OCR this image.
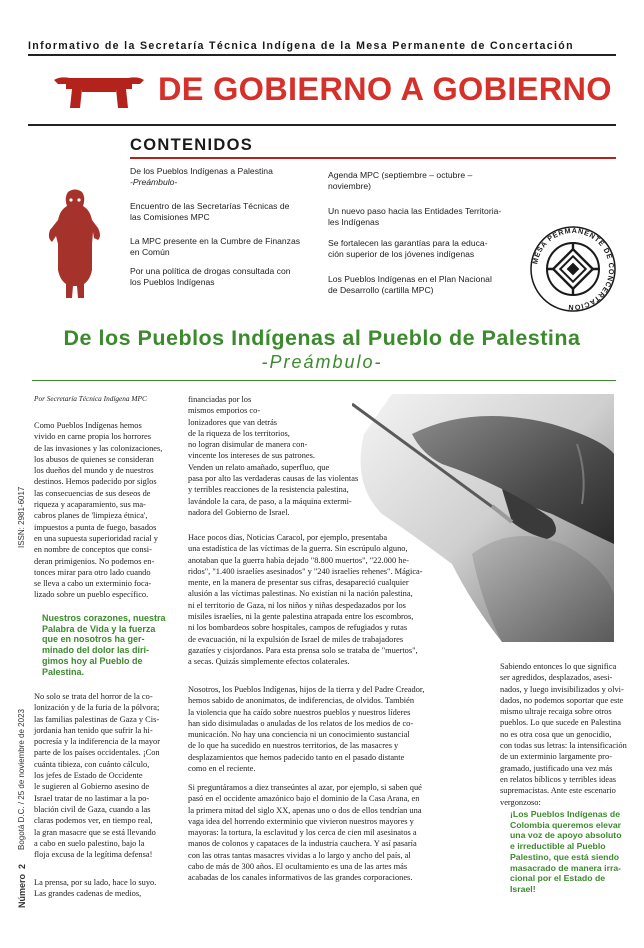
Informativo de la Secretaría Técnica Indígena de la Mesa Permanente de Concertación
DE GOBIERNO A GOBIERNO
CONTENIDOS
De los Pueblos Indígenas a Palestina
-Preámbulo-
Encuentro de las Secretarías Técnicas de
las Comisiones MPC
La MPC presente en la Cumbre de Finanzas
en Común
Por una política de drogas consultada con
los Pueblos Indígenas
Agenda MPC (septiembre – octubre –
noviembre)
Un nuevo paso hacia las Entidades Territoria-
les Indígenas
Se fortalecen las garantías para la educa-
ción superior de los jóvenes indígenas
Los Pueblos Indígenas en el Plan Nacional
de Desarrollo (cartilla MPC)
MESA PERMANENTE DE CONCERTACIÓN
De los Pueblos Indígenas al Pueblo de Palestina
-Preámbulo-
ISSN: 2981-6017
Bogotá D.C. / 25 de noviembre de 2023
Número  2
Por Secretaría Técnica Indígena MPC
Como Pueblos Indígenas hemos
vivido en carne propia los horrores
de las invasiones y las colonizaciones,
los abusos de quienes se consideran
los dueños del mundo y de nuestros
destinos. Hemos padecido por siglos
las consecuencias de sus deseos de
riqueza y acaparamiento, sus ma-
cabros planes de 'limpieza étnica',
impuestos a punta de fuego, basados
en una supuesta superioridad racial y
en nombre de conceptos que consi-
deran primigenios. No podemos en-
tonces mirar para otro lado cuando
se lleva a cabo un exterminio foca-
lizado sobre un pueblo específico.
Nuestros corazones, nuestra
Palabra de Vida y la fuerza
que en nosotros ha ger-
minado del dolor las diri-
gimos hoy al Pueblo de
Palestina.
No solo se trata del horror de la co-
lonización y de la furia de la pólvora;
las familias palestinas de Gaza y Cis-
jordania han tenido que sufrir la hi-
pocresía y la indiferencia de la mayor
parte de los países occidentales. ¡Con
cuánta tibieza, con cuánto cálculo,
los jefes de Estado de Occidente
le sugieren al Gobierno asesino de
Israel tratar de no lastimar a la po-
blación civil de Gaza, cuando a las
claras podemos ver, en tiempo real,
la gran masacre que se está llevando
a cabo en suelo palestino, bajo la
floja excusa de la legítima defensa!
La prensa, por su lado, hace lo suyo.
Las grandes cadenas de medios,
financiadas por los
mismos emporios co-
lonizadores que van detrás
de la riqueza de los territorios,
no logran disimular de manera con-
vincente los intereses de sus patrones.
Venden un relato amañado, superfluo, que
pasa por alto las verdaderas causas de las violentas
y terribles reacciones de la resistencia palestina,
lavándole la cara, de paso, a la máquina extermi-
nadora del Gobierno de Israel.
Hace pocos días, Noticias Caracol, por ejemplo, presentaba
una estadística de las víctimas de la guerra. Sin escrúpulo alguno,
anotaban que la guerra había dejado "8.800 muertos", "22.000 he-
ridos", "1.400 israelíes asesinados" y "240 israelíes rehenes". Mágica-
mente, en la manera de presentar sus cifras, desapareció cualquier
alusión a las víctimas palestinas. No existían ni la nación palestina,
ni el territorio de Gaza, ni los niños y niñas despedazados por los
misiles israelíes, ni la gente palestina atrapada entre los escombros,
ni los bombardeos sobre hospitales, campos de refugiados y rutas
de evacuación, ni la expulsión de Israel de miles de trabajadores
gazatíes y cisjordanos. Para esta prensa solo se trataba de "muertos",
a secas. Quizás simplemente efectos colaterales.
Nosotros, los Pueblos Indígenas, hijos de la tierra y del Padre Creador,
hemos sabido de anonimatos, de indiferencias, de olvidos. También
la violencia que ha caído sobre nuestros pueblos y nuestros líderes
han sido disimuladas o anuladas de los relatos de los medios de co-
municación. No hay una conciencia ni un conocimiento sustancial
de lo que ha sucedido en nuestros territorios, de las masacres y
desplazamientos que hemos padecido tanto en el pasado distante
como en el reciente.
Si preguntáramos a diez transeúntes al azar, por ejemplo, si saben qué
pasó en el occidente amazónico bajo el dominio de la Casa Arana, en
la primera mitad del siglo XX, apenas uno o dos de ellos tendrían una
vaga idea del horrendo exterminio que vivieron nuestros mayores y
mayoras: la tortura, la esclavitud y los cerca de cien mil asesinatos a
manos de colonos y capataces de la industria cauchera. Y así pasaría
con las otras tantas masacres vividas a lo largo y ancho del país, al
cabo de más de 300 años. El ocultamiento es una de las artes más
acabadas de los canales informativos de las grandes corporaciones.
Sabiendo entonces lo que significa
ser agredidos, desplazados, asesi-
nados, y luego invisibilizados y olvi-
dados, no podemos soportar que este
mismo ultraje recaiga sobre otros
pueblos. Lo que sucede en Palestina
no es otra cosa que un genocidio,
con todas sus letras: la intensificación
de un exterminio largamente pro-
gramado, justificado una vez más
en relatos bíblicos y terribles ideas
supremacistas. Ante este escenario
vergonzoso:
¡Los Pueblos Indígenas de
Colombia queremos elevar
una voz de apoyo absoluto
e irreductible al Pueblo
Palestino, que está siendo
masacrado de manera irra-
cional por el Estado de
Israel!
